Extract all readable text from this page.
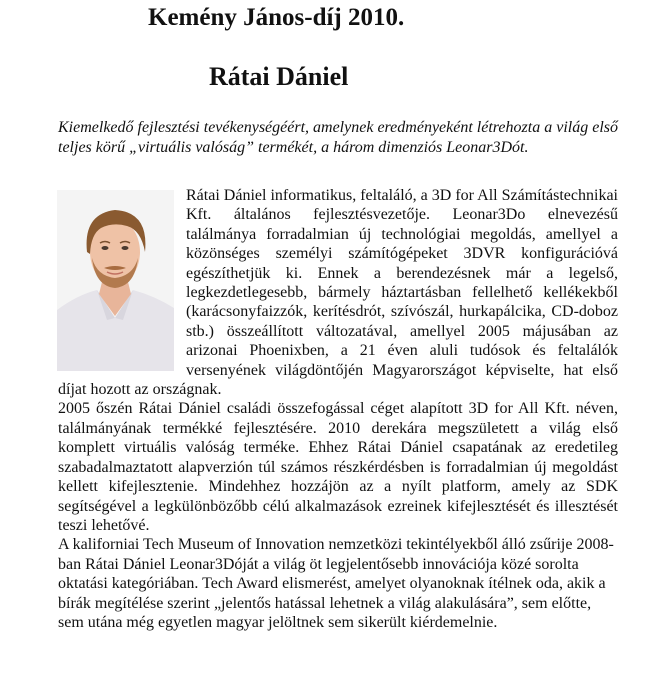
Kemény János-díj 2010.
Rátai Dániel

Kiemelkedő fejlesztési tevékenységéért, amelynek eredményeként létrehozta a világ első teljes körű „virtuális valóság” termékét, a három dimenziós Leonar3Dót.

Rátai Dániel informatikus, feltaláló, a 3D for All Számítástechnikai Kft. általános fejlesztésvezetője. Leonar3Do elnevezésű találmánya forradalmian új technológiai megoldás, amellyel a közönséges személyi számítógépeket 3DVR konfigurációvá egészíthetjük ki. Ennek a berendezésnek már a legelső, legkezdetlegesebb, bármely háztartásban fellelhető kellékekből (karácsonyfaizzók, kerítésdrót, szívószál, hurkapálcika, CD-doboz stb.) összeállított változatával, amellyel 2005 májusában az arizonai Phoenixben, a 21 éven aluli tudósok és feltalálók versenyének világdöntőjén Magyarországot képviselte, hat első díjat hozott az országnak.

2005 őszén Rátai Dániel családi összefogással céget alapított 3D for All Kft. néven, találmányának termékké fejlesztésére. 2010 derekára megszületett a világ első komplett virtuális valóság terméke. Ehhez Rátai Dániel csapatának az eredetileg szabadalmaztatott alapverzión túl számos részkérdésben is forradalmian új megoldást kellett kifejlesztenie. Mindehhez hozzájön az a nyílt platform, amely az SDK segítségével a legkülönbözőbb célú alkalmazások ezreinek kifejlesztését és illesztését teszi lehetővé.

A kaliforniai Tech Museum of Innovation nemzetközi tekintélyekből álló zsűrije 2008-ban Rátai Dániel Leonar3Dóját a világ öt legjelentősebb innovációja közé sorolta oktatási kategóriában. Tech Award elismerést, amelyet olyanoknak ítélnek oda, akik a bírák megítélése szerint „jelentős hatással lehetnek a világ alakulására”, sem előtte, sem utána még egyetlen magyar jelöltnek sem sikerült kiérdemelnie.
